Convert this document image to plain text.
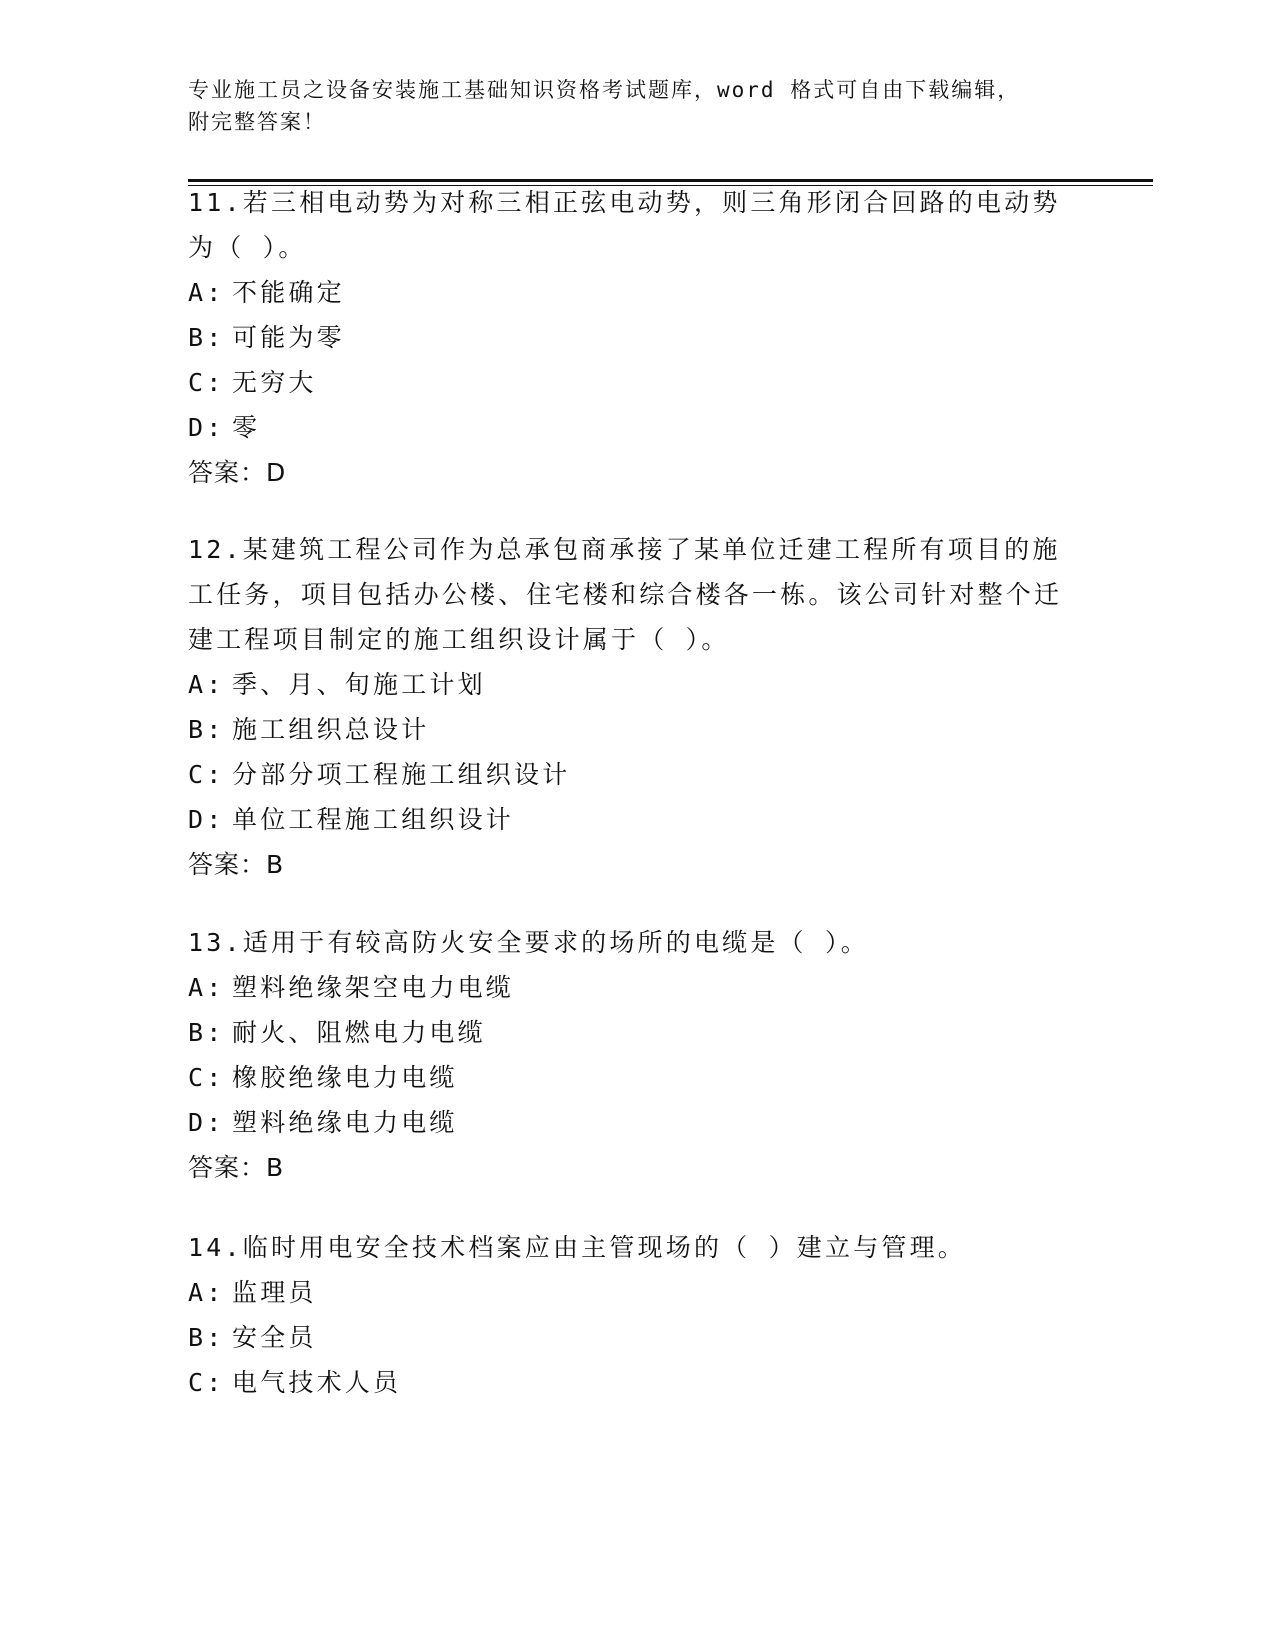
专业施工员之设备安装施工基础知识资格考试题库，word 格式可自由下载编辑，
附完整答案！
11.若三相电动势为对称三相正弦电动势，则三角形闭合回路的电动势为（ ）。
A: 不能确定
B: 可能为零
C: 无穷大
D: 零
答案：D
12.某建筑工程公司作为总承包商承接了某单位迁建工程所有项目的施工任务，项目包括办公楼、住宅楼和综合楼各一栋。该公司针对整个迁建工程项目制定的施工组织设计属于（ ）。
A: 季、月、旬施工计划
B: 施工组织总设计
C: 分部分项工程施工组织设计
D: 单位工程施工组织设计
答案：B
13.适用于有较高防火安全要求的场所的电缆是（ ）。
A: 塑料绝缘架空电力电缆
B: 耐火、阻燃电力电缆
C: 橡胶绝缘电力电缆
D: 塑料绝缘电力电缆
答案：B
14.临时用电安全技术档案应由主管现场的（ ）建立与管理。
A: 监理员
B: 安全员
C: 电气技术人员
